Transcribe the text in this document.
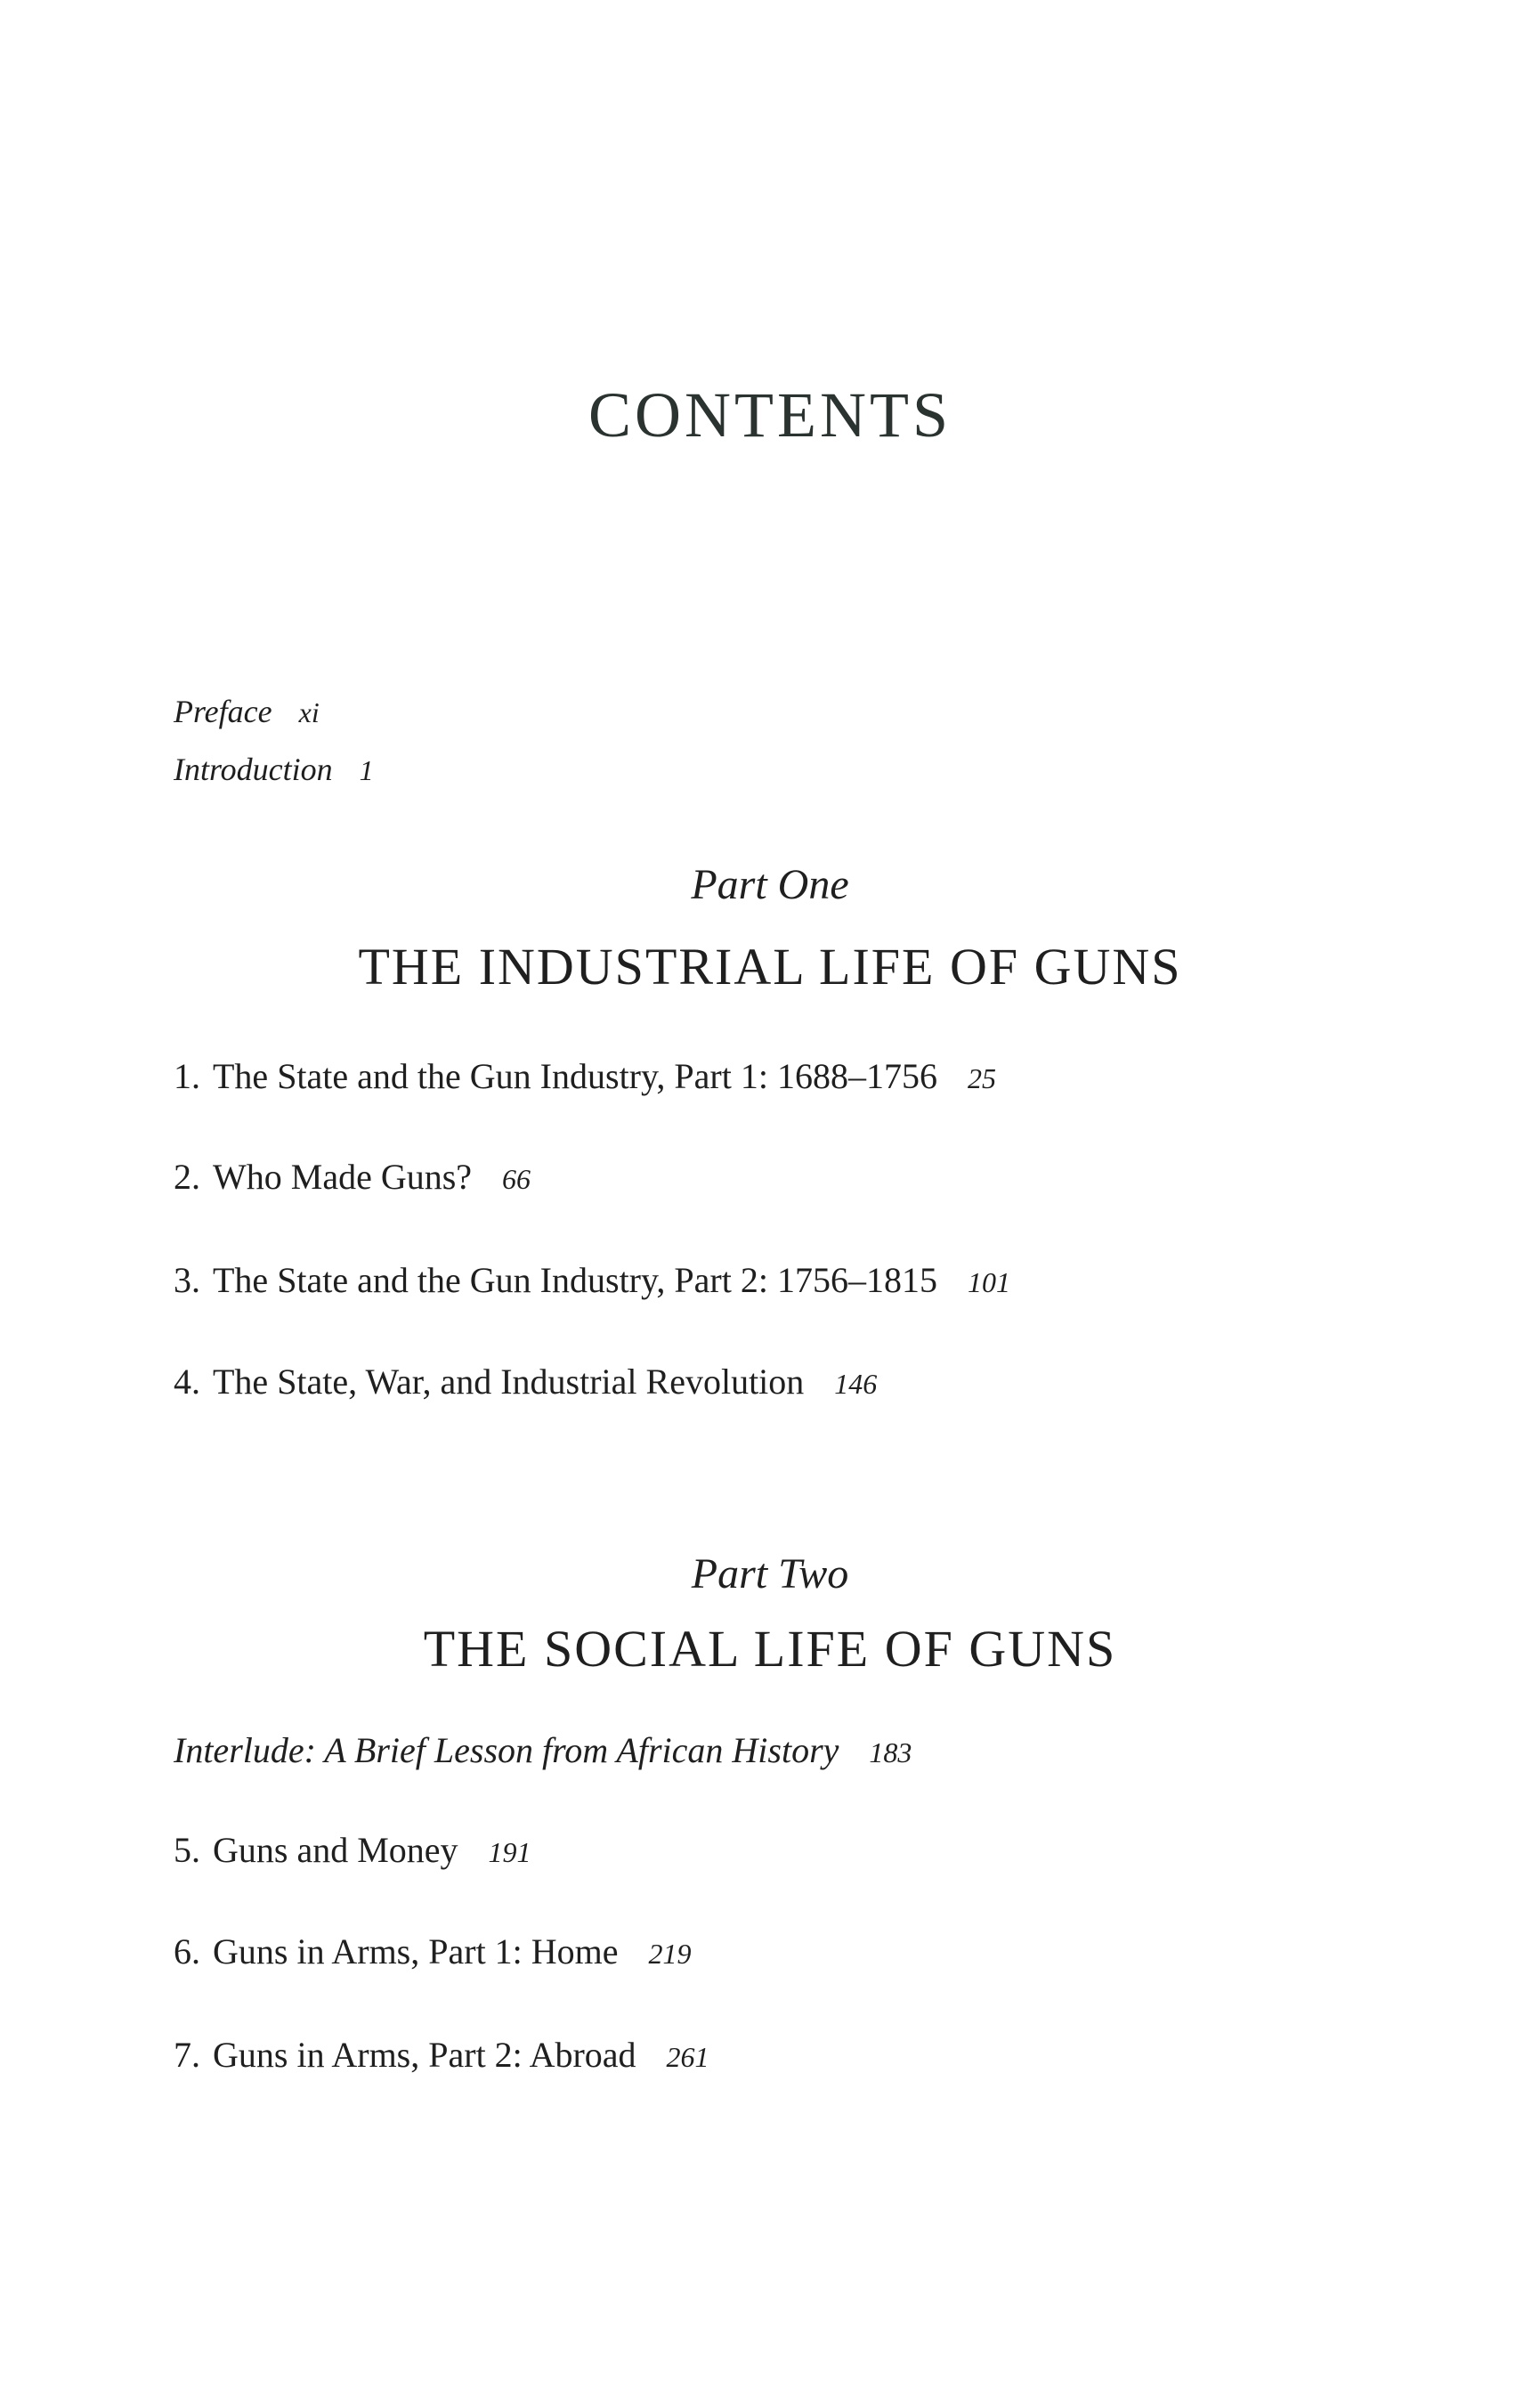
CONTENTS
Preface xi
Introduction 1
Part One
THE INDUSTRIAL LIFE OF GUNS
1. The State and the Gun Industry, Part 1: 1688–1756 25
2. Who Made Guns? 66
3. The State and the Gun Industry, Part 2: 1756–1815 101
4. The State, War, and Industrial Revolution 146
Part Two
THE SOCIAL LIFE OF GUNS
Interlude: A Brief Lesson from African History 183
5. Guns and Money 191
6. Guns in Arms, Part 1: Home 219
7. Guns in Arms, Part 2: Abroad 261
